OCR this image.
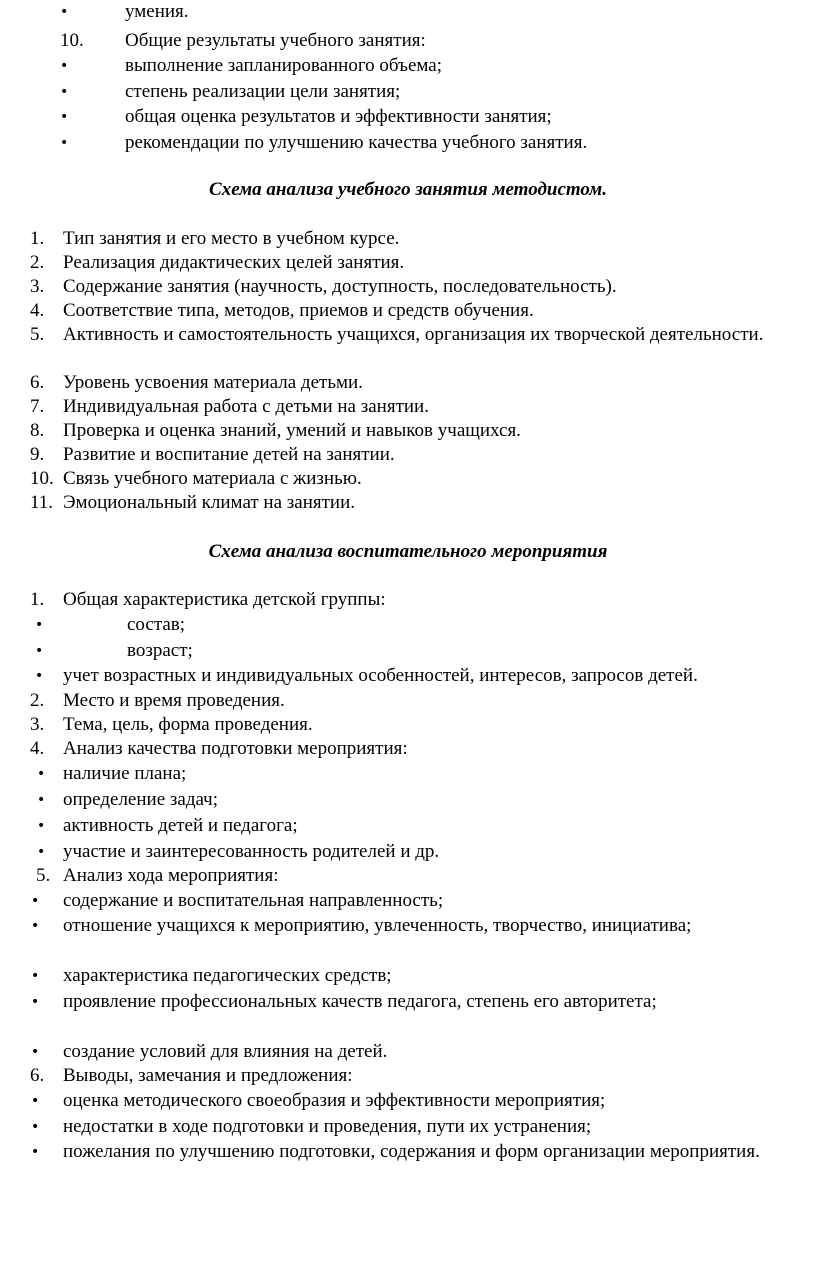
•	умения.
10. Общие результаты учебного занятия:
•	выполнение запланированного объема;
•	степень реализации цели занятия;
•	общая оценка результатов и эффективности занятия;
•	рекомендации по улучшению качества учебного занятия.
Схема анализа учебного занятия методистом.
1. Тип занятия и его место в учебном курсе.
2. Реализация дидактических целей занятия.
3. Содержание занятия (научность, доступность, последовательность).
4. Соответствие типа, методов, приемов и средств обучения.
5. Активность и самостоятельность учащихся, организация их творческой деятельности.
6. Уровень усвоения материала детьми.
7. Индивидуальная работа с детьми на занятии.
8. Проверка и оценка знаний, умений и навыков учащихся.
9. Развитие и воспитание детей на занятии.
10. Связь учебного материала с жизнью.
11. Эмоциональный климат на занятии.
Схема анализа воспитательного мероприятия
1. Общая характеристика детской группы:
•	состав;
•	возраст;
• учет возрастных и индивидуальных особенностей, интересов, запросов детей.
2. Место и время проведения.
3. Тема, цель, форма проведения.
4. Анализ качества подготовки мероприятия:
• наличие плана;
• определение задач;
• активность детей и педагога;
• участие и заинтересованность родителей и др.
5. Анализ хода мероприятия:
• содержание и воспитательная направленность;
• отношение учащихся к мероприятию, увлеченность, творчество, инициатива;
• характеристика педагогических средств;
• проявление профессиональных качеств педагога, степень его авторитета;
• создание условий для влияния на детей.
6. Выводы, замечания и предложения:
• оценка методического своеобразия и эффективности мероприятия;
• недостатки в ходе подготовки и проведения, пути их устранения;
• пожелания по улучшению подготовки, содержания и форм организации мероприятия.
